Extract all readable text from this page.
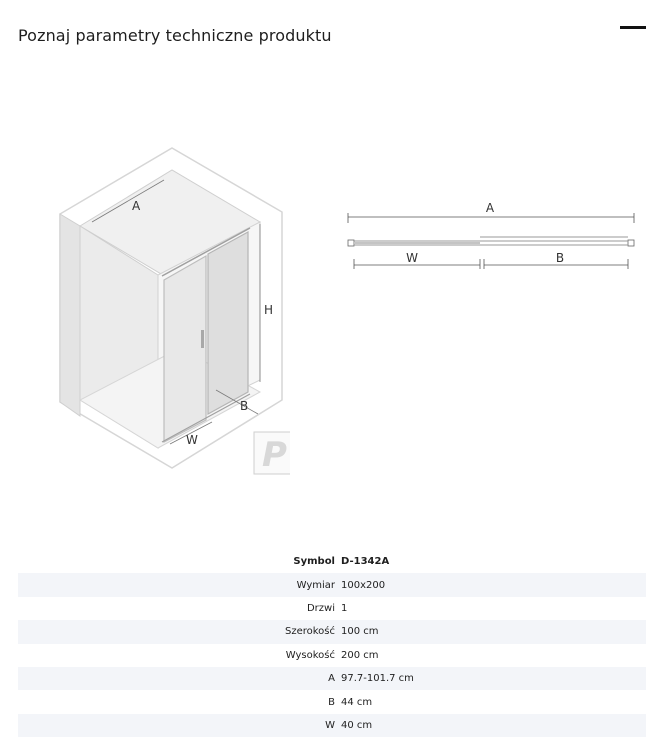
Poznaj parametry techniczne produktu
A
H
B
W P
A
W	B
Symbol	D-1342A
Wymiar	100x200
Drzwi	1
Szerokość	100 cm
Wysokość	200 cm
A	97.7-101.7 cm
B	44 cm
W	40 cm
